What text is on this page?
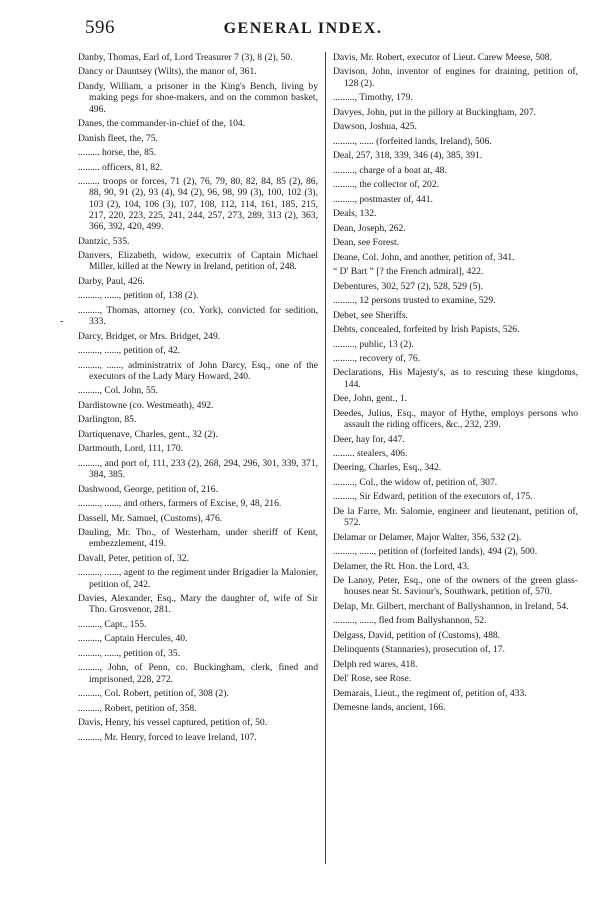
596	GENERAL INDEX.
-

Danby, Thomas, Earl of, Lord Treasurer 7 (3), 8 (2), 50.

Dancy or Dauntsey (Wilts), the manor of, 361.

Dandy, William, a prisoner in the King's Bench, living by making pegs for shoe-makers, and on the common basket, 496.

Danes, the commander-in-chief of the, 104.

Danish fleet, the, 75.

......... horse, the, 85.

......... officers, 81, 82.

......... troops or forces, 71 (2), 76, 79, 80, 82, 84, 85 (2), 86, 88, 90, 91 (2), 93 (4), 94 (2), 96, 98, 99 (3), 100, 102 (3), 103 (2), 104, 106 (3), 107, 108, 112, 114, 161, 185, 215, 217, 220, 223, 225, 241, 244, 257, 273, 289, 313 (2), 363, 366, 392, 420, 499.

Dantzic, 535.

Danvers, Elizabeth, widow, executrix of Captain Michael Miller, killed at the Newry in Ireland, petition of, 248.

Darby, Paul, 426.

........., ......, petition of, 138 (2).

........., Thomas, attorney (co. York), convicted for sedition, 333.

Darcy, Bridget, or Mrs. Bridget, 249.

........., ......, petition of, 42.

........., ......, administratrix of John Darcy, Esq., one of the executors of the Lady Mary Howard, 240.

........., Col. John, 55.

Dardistowne (co. Westmeath), 492.

Darlington, 85.

Dartiquenave, Charles, gent., 32 (2).

Dartmouth, Lord, 111, 170.

........., and port of, 111, 233 (2), 268, 294, 296, 301, 339, 371, 384, 385.

Dashwood, George, petition of, 216.

........., ......, and others, farmers of Excise, 9, 48, 216.

Dassell, Mr. Samuel, (Customs), 476.

Dauling, Mr. Tho., of Westerham, under sheriff of Kent, embezzlement, 419.

Davall, Peter, petition of, 32.

........., ......, agent to the regiment under Brigadier la Malonier, petition of, 242.

Davies, Alexander, Esq., Mary the daughter of, wife of Sir Tho. Grosvenor, 281.

........., Capt., 155.

........., Captain Hercules, 40.

........., ......, petition of, 35.

........., John, of Penn, co. Buckingham, clerk, fined and imprisoned, 228, 272.

........., Col. Robert, petition of, 308 (2).

........., Robert, petition of, 358.

Davis, Henry, his vessel captured, petition of, 50.

........., Mr. Henry, forced to leave Ireland, 107.

Davis, Mr. Robert, executor of Lieut. Carew Meese, 508.

Davison, John, inventor of engines for draining, petition of, 128 (2).

........., Timothy, 179.

Davyes, John, put in the pillory at Buckingham, 207.

Dawson, Joshua, 425.

........., ...... (forfeited lands, Ireland), 506.

Deal, 257, 318, 339, 346 (4), 385, 391.

........., charge of a boat at, 48.

........., the collector of, 202.

........., postmaster of, 441.

Deals, 132.

Dean, Joseph, 262.

Dean, see Forest.

Deane, Col. John, and another, petition of, 341.

“ D' Bart ” [? the French admiral], 422.

Debentures, 302, 527 (2), 528, 529 (5).

........., 12 persons trusted to examine, 529.

Debet, see Sheriffs.

Debts, concealed, forfeited by Irish Papists, 526.

........., public, 13 (2).

........., recovery of, 76.

Declarations, His Majesty's, as to rescuing these kingdoms, 144.

Dee, John, gent., 1.

Deedes, Julius, Esq., mayor of Hythe, employs persons who assault the riding officers, &c., 232, 239.

Deer, hay for, 447.

......... stealers, 406.

Deering, Charles, Esq., 342.

........., Col., the widow of, petition of, 307.

........., Sir Edward, petition of the executors of, 175.

De la Farre, Mr. Salomie, engineer and lieutenant, petition of, 572.

Delamar or Delamer, Major Walter, 356, 532 (2).

........., ......, petition of (forfeited lands), 494 (2), 500.

Delamer, the Rt. Hon. the Lord, 43.

De Lanoy, Peter, Esq., one of the owners of the green glass-houses near St. Saviour's, Southwark, petition of, 570.

Delap, Mr. Gilbert, merchant of Ballyshannon, in Ireland, 54.

........., ......, fled from Ballyshannon, 52.

Delgass, David, petition of (Customs), 488.

Delinquents (Stannaries), prosecution of, 17.

Delph red wares, 418.

Del' Rose, see Rose.

Demarais, Lieut., the regiment of, petition of, 433.

Demesne lands, ancient, 166.
